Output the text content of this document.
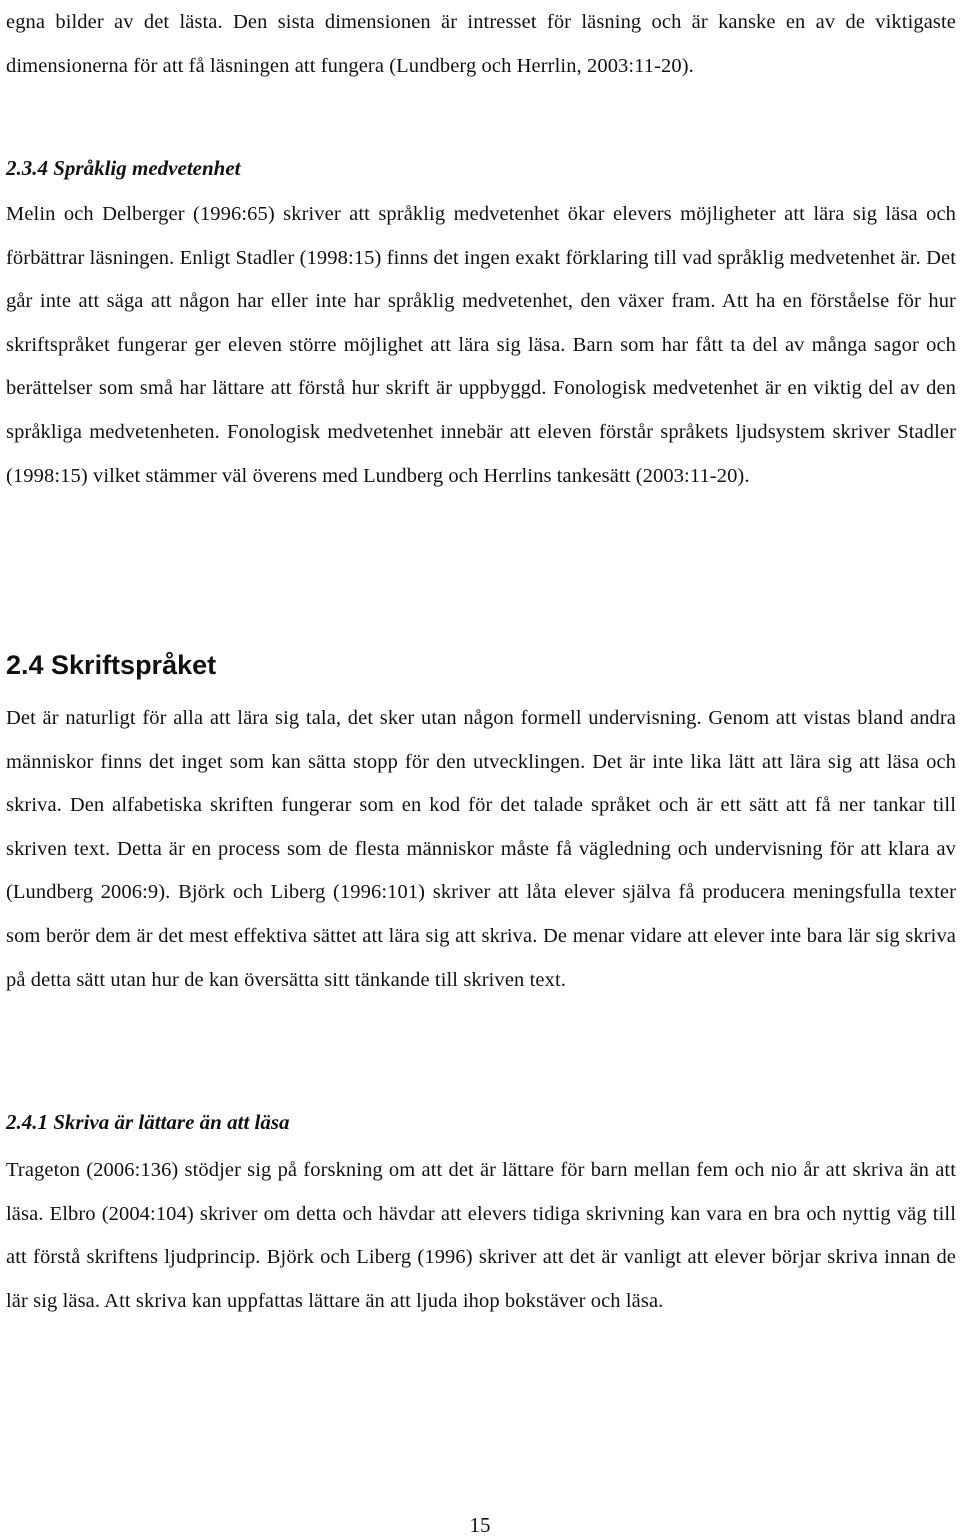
egna bilder av det lästa. Den sista dimensionen är intresset för läsning och är kanske en av de viktigaste dimensionerna för att få läsningen att fungera (Lundberg och Herrlin, 2003:11-20).

2.3.4 Språklig medvetenhet

Melin och Delberger (1996:65) skriver att språklig medvetenhet ökar elevers möjligheter att lära sig läsa och förbättrar läsningen. Enligt Stadler (1998:15) finns det ingen exakt förklaring till vad språklig medvetenhet är. Det går inte att säga att någon har eller inte har språklig medvetenhet, den växer fram. Att ha en förståelse för hur skriftspråket fungerar ger eleven större möjlighet att lära sig läsa. Barn som har fått ta del av många sagor och berättelser som små har lättare att förstå hur skrift är uppbyggd. Fonologisk medvetenhet är en viktig del av den språkliga medvetenheten. Fonologisk medvetenhet innebär att eleven förstår språkets ljudsystem skriver Stadler (1998:15) vilket stämmer väl överens med Lundberg och Herrlins tankesätt (2003:11-20).

2.4 Skriftspråket

Det är naturligt för alla att lära sig tala, det sker utan någon formell undervisning. Genom att vistas bland andra människor finns det inget som kan sätta stopp för den utvecklingen. Det är inte lika lätt att lära sig att läsa och skriva. Den alfabetiska skriften fungerar som en kod för det talade språket och är ett sätt att få ner tankar till skriven text. Detta är en process som de flesta människor måste få vägledning och undervisning för att klara av (Lundberg 2006:9). Björk och Liberg (1996:101) skriver att låta elever själva få producera meningsfulla texter som berör dem är det mest effektiva sättet att lära sig att skriva. De menar vidare att elever inte bara lär sig skriva på detta sätt utan hur de kan översätta sitt tänkande till skriven text.

2.4.1 Skriva är lättare än att läsa

Trageton (2006:136) stödjer sig på forskning om att det är lättare för barn mellan fem och nio år att skriva än att läsa. Elbro (2004:104) skriver om detta och hävdar att elevers tidiga skrivning kan vara en bra och nyttig väg till att förstå skriftens ljudprincip. Björk och Liberg (1996) skriver att det är vanligt att elever börjar skriva innan de lär sig läsa. Att skriva kan uppfattas lättare än att ljuda ihop bokstäver och läsa.

15
